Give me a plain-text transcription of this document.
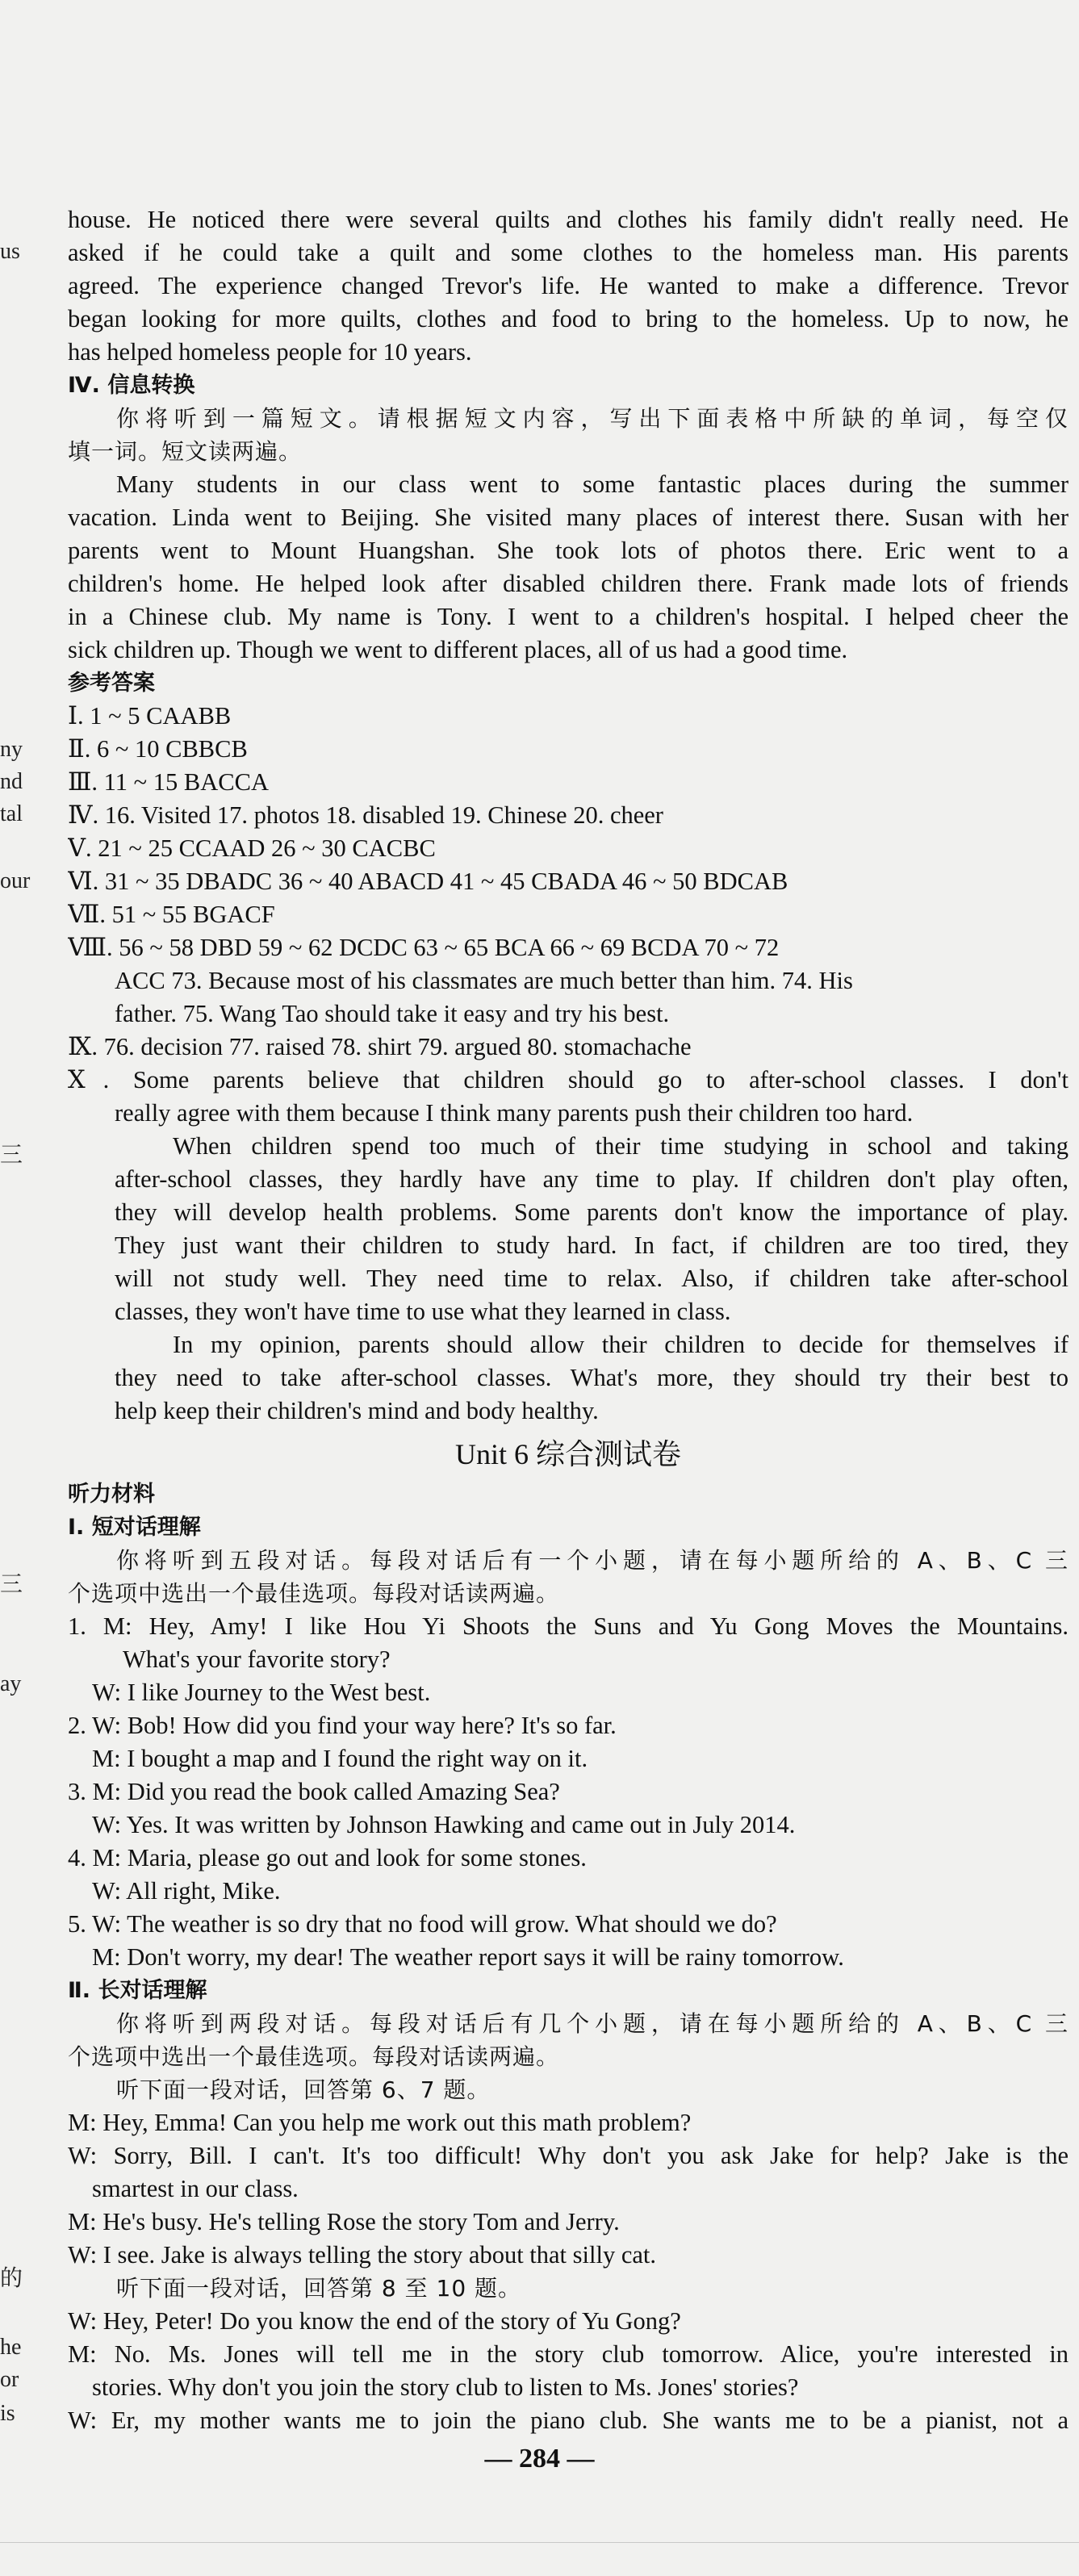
us
ny
nd
tal
our
三
三
ay
的
he
or
is
house. He noticed there were several quilts and clothes his family didn't really need. He
asked if he could take a quilt and some clothes to the homeless man. His parents
agreed. The experience changed Trevor's life. He wanted to make a difference. Trevor
began looking for more quilts, clothes and food to bring to the homeless. Up to now, he
has helped homeless people for 10 years.
Ⅳ. 信息转换
你将听到一篇短文。请根据短文内容，写出下面表格中所缺的单词，每空仅
填一词。短文读两遍。
Many students in our class went to some fantastic places during the summer
vacation. Linda went to Beijing. She visited many places of interest there. Susan with her
parents went to Mount Huangshan. She took lots of photos there. Eric went to a
children's home. He helped look after disabled children there. Frank made lots of friends
in a Chinese club. My name is Tony. I went to a children's hospital. I helped cheer the
sick children up. Though we went to different places, all of us had a good time.
参考答案
Ⅰ. 1 ~ 5 CAABB
Ⅱ. 6 ~ 10 CBBCB
Ⅲ. 11 ~ 15 BACCA
Ⅳ. 16. Visited 17. photos 18. disabled 19. Chinese 20. cheer
Ⅴ. 21 ~ 25 CCAAD 26 ~ 30 CACBC
Ⅵ. 31 ~ 35 DBADC 36 ~ 40 ABACD 41 ~ 45 CBADA 46 ~ 50 BDCAB
Ⅶ. 51 ~ 55 BGACF
Ⅷ. 56 ~ 58 DBD 59 ~ 62 DCDC 63 ~ 65 BCA 66 ~ 69 BCDA 70 ~ 72
ACC 73. Because most of his classmates are much better than him. 74. His
father. 75. Wang Tao should take it easy and try his best.
Ⅸ. 76. decision 77. raised 78. shirt 79. argued 80. stomachache
Ⅹ. Some parents believe that children should go to after-school classes. I don't
really agree with them because I think many parents push their children too hard.
When children spend too much of their time studying in school and taking
after-school classes, they hardly have any time to play. If children don't play often,
they will develop health problems. Some parents don't know the importance of play.
They just want their children to study hard. In fact, if children are too tired, they
will not study well. They need time to relax. Also, if children take after-school
classes, they won't have time to use what they learned in class.
In my opinion, parents should allow their children to decide for themselves if
they need to take after-school classes. What's more, they should try their best to
help keep their children's mind and body healthy.
Unit 6 综合测试卷
听力材料
Ⅰ. 短对话理解
你将听到五段对话。每段对话后有一个小题，请在每小题所给的 A、B、C 三
个选项中选出一个最佳选项。每段对话读两遍。
1. M: Hey, Amy! I like Hou Yi Shoots the Suns and Yu Gong Moves the Mountains.
What's your favorite story?
W: I like Journey to the West best.
2. W: Bob! How did you find your way here? It's so far.
M: I bought a map and I found the right way on it.
3. M: Did you read the book called Amazing Sea?
W: Yes. It was written by Johnson Hawking and came out in July 2014.
4. M: Maria, please go out and look for some stones.
W: All right, Mike.
5. W: The weather is so dry that no food will grow. What should we do?
M: Don't worry, my dear! The weather report says it will be rainy tomorrow.
Ⅱ. 长对话理解
你将听到两段对话。每段对话后有几个小题，请在每小题所给的 A、B、C 三
个选项中选出一个最佳选项。每段对话读两遍。
听下面一段对话，回答第 6、7 题。
M: Hey, Emma! Can you help me work out this math problem?
W: Sorry, Bill. I can't. It's too difficult! Why don't you ask Jake for help? Jake is the
smartest in our class.
M: He's busy. He's telling Rose the story Tom and Jerry.
W: I see. Jake is always telling the story about that silly cat.
听下面一段对话，回答第 8 至 10 题。
W: Hey, Peter! Do you know the end of the story of Yu Gong?
M: No. Ms. Jones will tell me in the story club tomorrow. Alice, you're interested in
stories. Why don't you join the story club to listen to Ms. Jones' stories?
W: Er, my mother wants me to join the piano club. She wants me to be a pianist, not a
— 284 —
